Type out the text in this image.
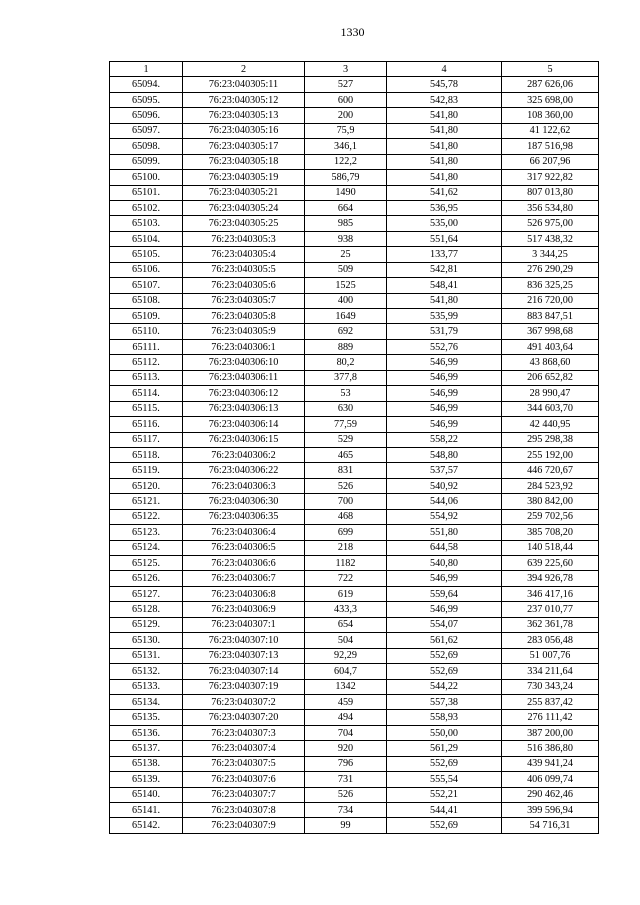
1330
1	2	3	4	5
65094.	76:23:040305:11	527	545,78	287 626,06
65095.	76:23:040305:12	600	542,83	325 698,00
65096.	76:23:040305:13	200	541,80	108 360,00
65097.	76:23:040305:16	75,9	541,80	41 122,62
65098.	76:23:040305:17	346,1	541,80	187 516,98
65099.	76:23:040305:18	122,2	541,80	66 207,96
65100.	76:23:040305:19	586,79	541,80	317 922,82
65101.	76:23:040305:21	1490	541,62	807 013,80
65102.	76:23:040305:24	664	536,95	356 534,80
65103.	76:23:040305:25	985	535,00	526 975,00
65104.	76:23:040305:3	938	551,64	517 438,32
65105.	76:23:040305:4	25	133,77	3 344,25
65106.	76:23:040305:5	509	542,81	276 290,29
65107.	76:23:040305:6	1525	548,41	836 325,25
65108.	76:23:040305:7	400	541,80	216 720,00
65109.	76:23:040305:8	1649	535,99	883 847,51
65110.	76:23:040305:9	692	531,79	367 998,68
65111.	76:23:040306:1	889	552,76	491 403,64
65112.	76:23:040306:10	80,2	546,99	43 868,60
65113.	76:23:040306:11	377,8	546,99	206 652,82
65114.	76:23:040306:12	53	546,99	28 990,47
65115.	76:23:040306:13	630	546,99	344 603,70
65116.	76:23:040306:14	77,59	546,99	42 440,95
65117.	76:23:040306:15	529	558,22	295 298,38
65118.	76:23:040306:2	465	548,80	255 192,00
65119.	76:23:040306:22	831	537,57	446 720,67
65120.	76:23:040306:3	526	540,92	284 523,92
65121.	76:23:040306:30	700	544,06	380 842,00
65122.	76:23:040306:35	468	554,92	259 702,56
65123.	76:23:040306:4	699	551,80	385 708,20
65124.	76:23:040306:5	218	644,58	140 518,44
65125.	76:23:040306:6	1182	540,80	639 225,60
65126.	76:23:040306:7	722	546,99	394 926,78
65127.	76:23:040306:8	619	559,64	346 417,16
65128.	76:23:040306:9	433,3	546,99	237 010,77
65129.	76:23:040307:1	654	554,07	362 361,78
65130.	76:23:040307:10	504	561,62	283 056,48
65131.	76:23:040307:13	92,29	552,69	51 007,76
65132.	76:23:040307:14	604,7	552,69	334 211,64
65133.	76:23:040307:19	1342	544,22	730 343,24
65134.	76:23:040307:2	459	557,38	255 837,42
65135.	76:23:040307:20	494	558,93	276 111,42
65136.	76:23:040307:3	704	550,00	387 200,00
65137.	76:23:040307:4	920	561,29	516 386,80
65138.	76:23:040307:5	796	552,69	439 941,24
65139.	76:23:040307:6	731	555,54	406 099,74
65140.	76:23:040307:7	526	552,21	290 462,46
65141.	76:23:040307:8	734	544,41	399 596,94
65142.	76:23:040307:9	99	552,69	54 716,31
